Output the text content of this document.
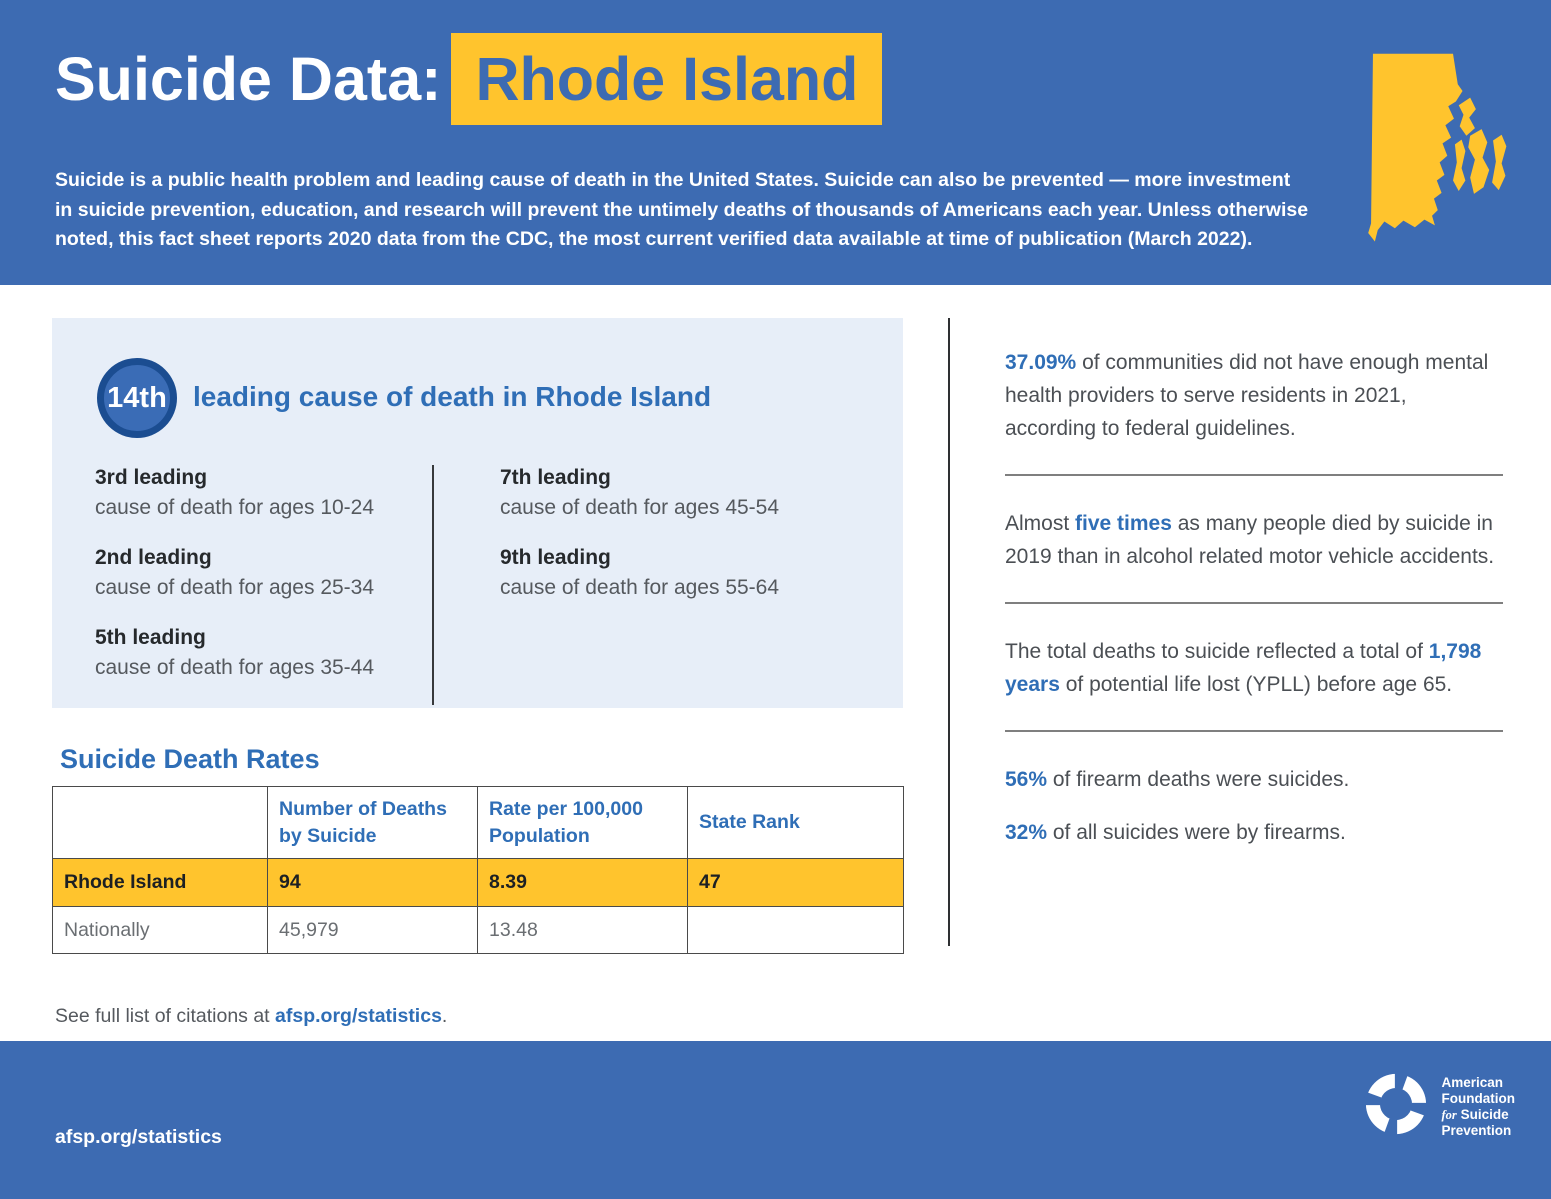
Suicide Data: Rhode Island

Suicide is a public health problem and leading cause of death in the United States. Suicide can also be prevented — more investment in suicide prevention, education, and research will prevent the untimely deaths of thousands of Americans each year. Unless otherwise noted, this fact sheet reports 2020 data from the CDC, the most current verified data available at time of publication (March 2022).

14th leading cause of death in Rhode Island
3rd leading
cause of death for ages 10-24
2nd leading
cause of death for ages 25-34
5th leading
cause of death for ages 35-44
7th leading
cause of death for ages 45-54
9th leading
cause of death for ages 55-64
Suicide Death Rates
	Number of Deaths by Suicide	Rate per 100,000 Population	State Rank
Rhode Island	94	8.39	47
Nationally	45,979	13.48	

See full list of citations at afsp.org/statistics.

37.09% of communities did not have enough mental health providers to serve residents in 2021, according to federal guidelines.

Almost five times as many people died by suicide in 2019 than in alcohol related motor vehicle accidents.

The total deaths to suicide reflected a total of 1,798 years of potential life lost (YPLL) before age 65.

56% of firearm deaths were suicides.

32% of all suicides were by firearms.

afsp.org/statistics
American
Foundation
for Suicide
Prevention
